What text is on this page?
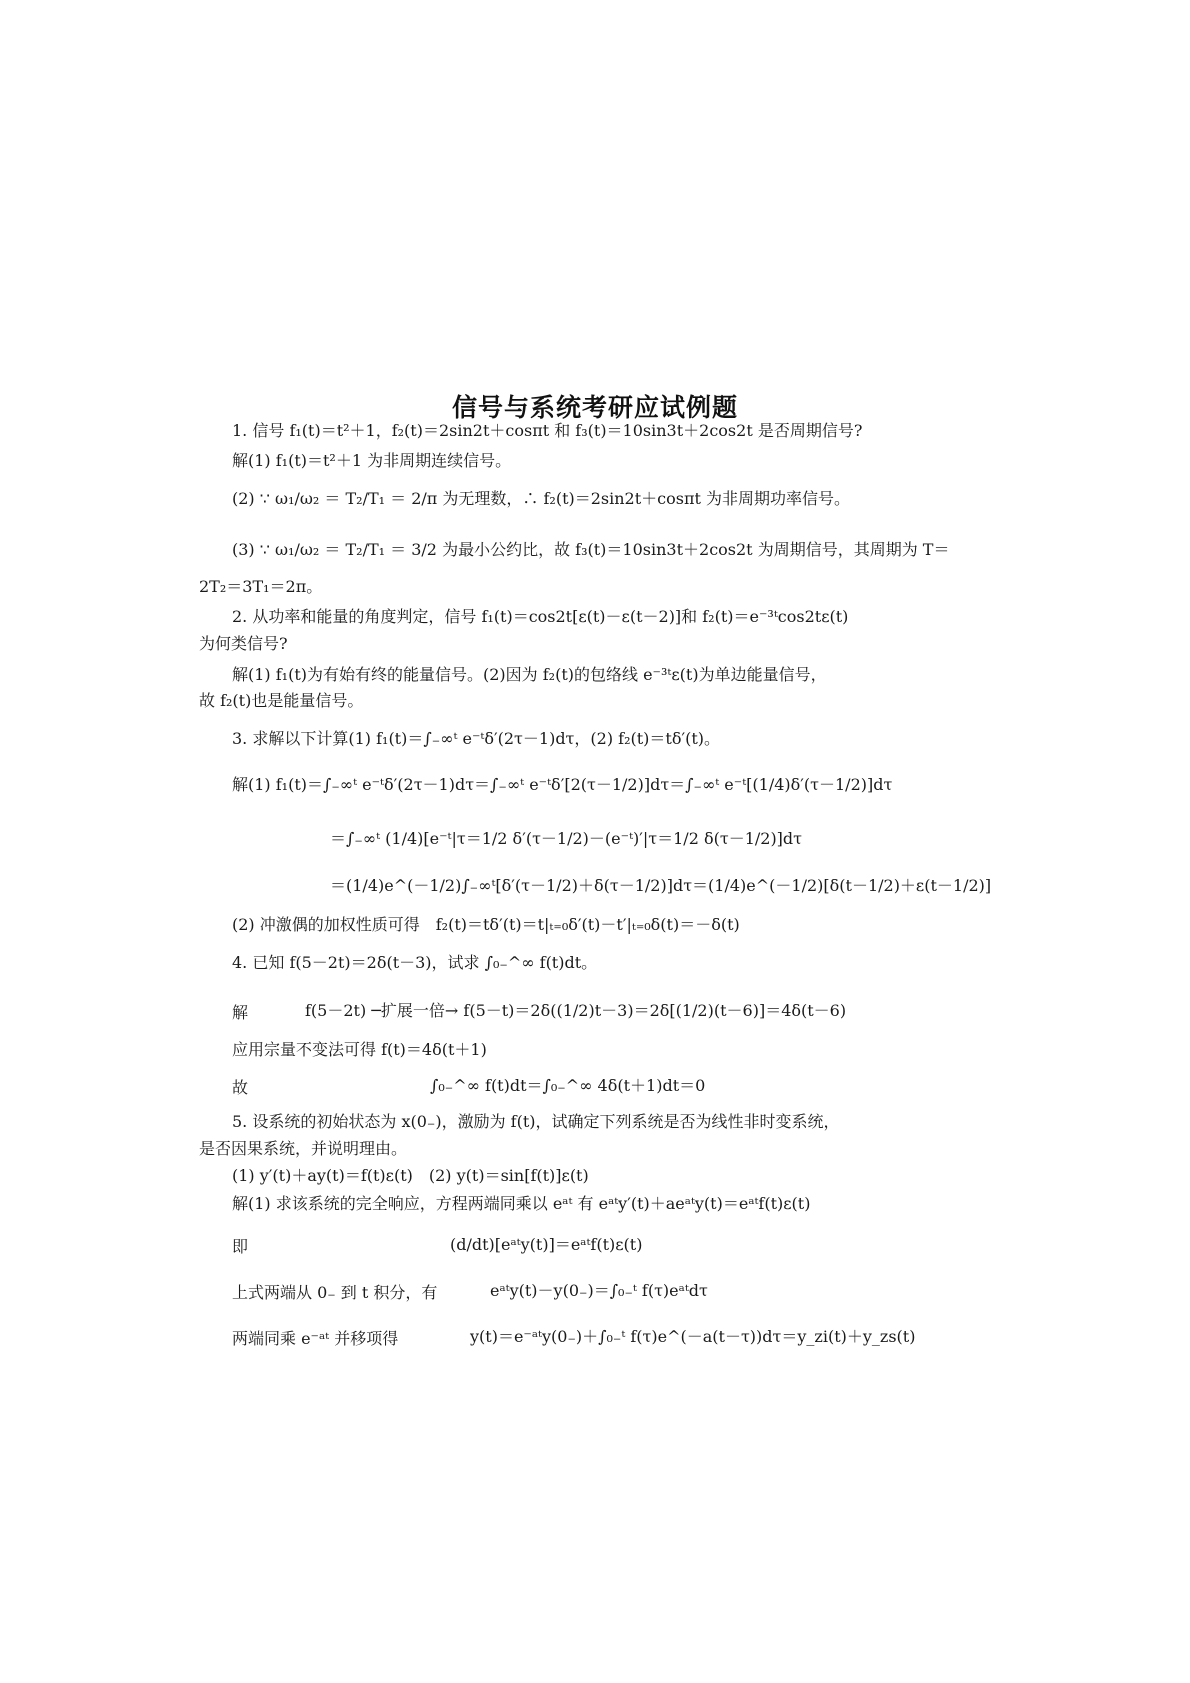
信号与系统考研应试例题
1. 信号 f₁(t)＝t²＋1，f₂(t)＝2sin2t＋cosπt 和 f₃(t)＝10sin3t＋2cos2t 是否周期信号?
解(1) f₁(t)＝t²＋1 为非周期连续信号。
(2) ∵ ω₁/ω₂ ＝ T₂/T₁ ＝ 2/π 为无理数，∴ f₂(t)＝2sin2t＋cosπt 为非周期功率信号。
(3) ∵ ω₁/ω₂ ＝ T₂/T₁ ＝ 3/2 为最小公约比，故 f₃(t)＝10sin3t＋2cos2t 为周期信号，其周期为 T＝
2T₂＝3T₁＝2π。
2. 从功率和能量的角度判定，信号 f₁(t)＝cos2t[ε(t)－ε(t－2)]和 f₂(t)＝e⁻³ᵗcos2tε(t)
为何类信号?
解(1) f₁(t)为有始有终的能量信号。(2)因为 f₂(t)的包络线 e⁻³ᵗε(t)为单边能量信号，
故 f₂(t)也是能量信号。
3. 求解以下计算(1) f₁(t)＝∫₋∞ᵗ e⁻ᵗδ′(2τ－1)dτ，(2) f₂(t)＝tδ′(t)。
解(1) f₁(t)＝∫₋∞ᵗ e⁻ᵗδ′(2τ－1)dτ＝∫₋∞ᵗ e⁻ᵗδ′[2(τ－1/2)]dτ＝∫₋∞ᵗ e⁻ᵗ[(1/4)δ′(τ－1/2)]dτ
＝∫₋∞ᵗ (1/4)[e⁻ᵗ|τ＝1/2 δ′(τ－1/2)－(e⁻ᵗ)′|τ＝1/2 δ(τ－1/2)]dτ
＝(1/4)e^(－1/2)∫₋∞ᵗ[δ′(τ－1/2)＋δ(τ－1/2)]dτ＝(1/4)e^(－1/2)[δ(t－1/2)＋ε(t－1/2)]
(2) 冲激偶的加权性质可得　f₂(t)＝tδ′(t)＝t|ₜ₌₀δ′(t)－t′|ₜ₌₀δ(t)＝－δ(t)
4. 已知 f(5－2t)＝2δ(t－3)，试求 ∫₀₋^∞ f(t)dt。
解	f(5－2t) ─扩展一倍→ f(5－t)＝2δ((1/2)t－3)＝2δ[(1/2)(t－6)]＝4δ(t－6)
应用宗量不变法可得 f(t)＝4δ(t＋1)
故	∫₀₋^∞ f(t)dt＝∫₀₋^∞ 4δ(t＋1)dt＝0
5. 设系统的初始状态为 x(0₋)，激励为 f(t)，试确定下列系统是否为线性非时变系统，
是否因果系统，并说明理由。
(1) y′(t)＋ay(t)＝f(t)ε(t)　(2) y(t)＝sin[f(t)]ε(t)
解(1) 求该系统的完全响应，方程两端同乘以 eᵃᵗ 有 eᵃᵗy′(t)＋aeᵃᵗy(t)＝eᵃᵗf(t)ε(t)
即	(d/dt)[eᵃᵗy(t)]＝eᵃᵗf(t)ε(t)
上式两端从 0₋ 到 t 积分，有	eᵃᵗy(t)－y(0₋)＝∫₀₋ᵗ f(τ)eᵃᵗdτ
两端同乘 e⁻ᵃᵗ 并移项得	y(t)＝e⁻ᵃᵗy(0₋)＋∫₀₋ᵗ f(τ)e^(－a(t－τ))dτ＝y_zi(t)＋y_zs(t)
